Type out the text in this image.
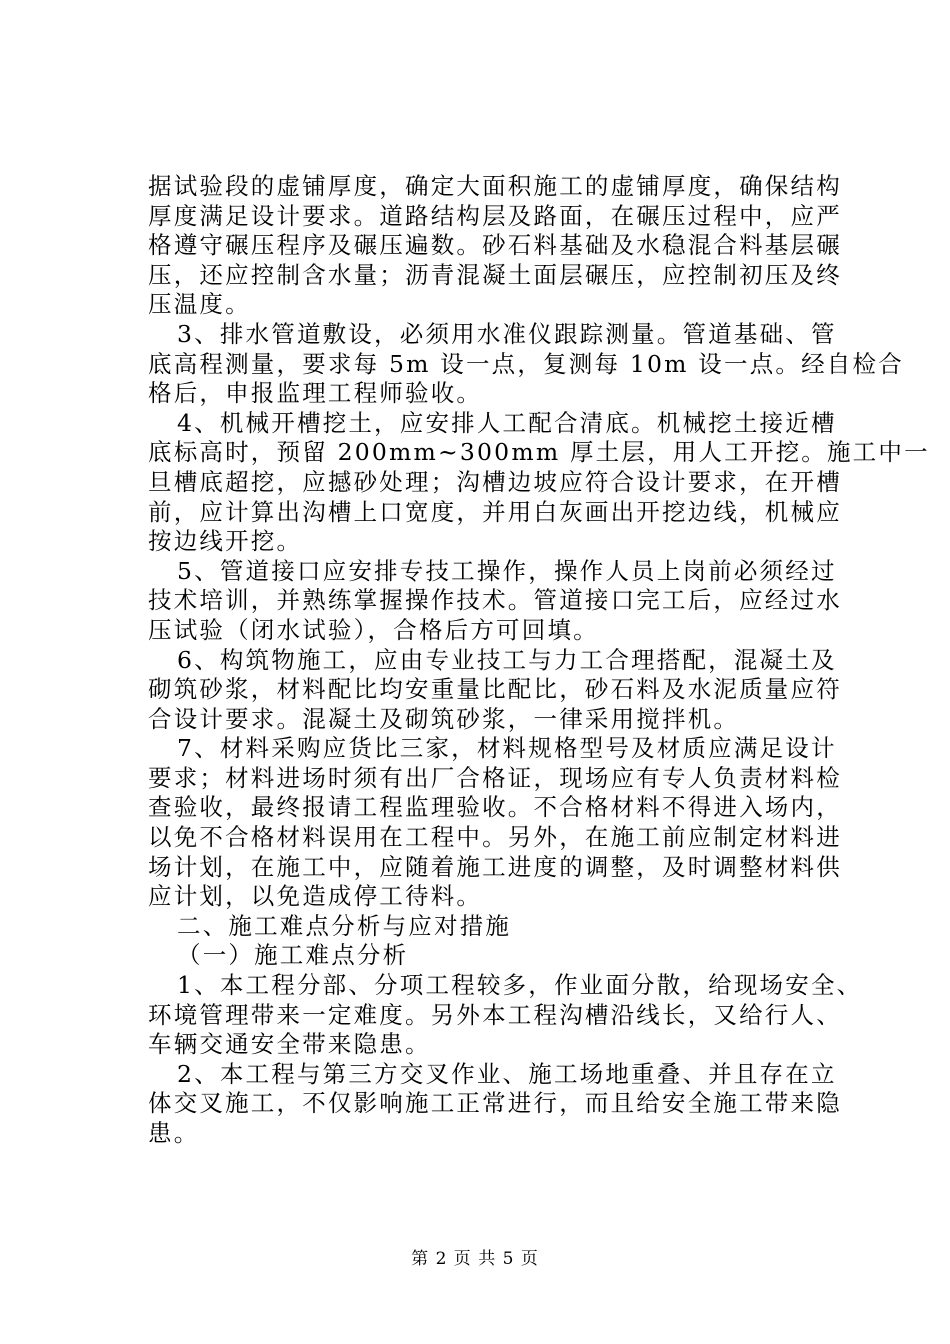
据试验段的虚铺厚度，确定大面积施工的虚铺厚度，确保结构
厚度满足设计要求。道路结构层及路面，在碾压过程中，应严
格遵守碾压程序及碾压遍数。砂石料基础及水稳混合料基层碾
压，还应控制含水量；沥青混凝土面层碾压，应控制初压及终
压温度。
3、排水管道敷设，必须用水准仪跟踪测量。管道基础、管
底高程测量，要求每 5m 设一点，复测每 10m 设一点。经自检合
格后，申报监理工程师验收。
4、机械开槽挖土，应安排人工配合清底。机械挖土接近槽
底标高时，预留 200mm~300mm 厚土层，用人工开挖。施工中一
旦槽底超挖，应撼砂处理；沟槽边坡应符合设计要求，在开槽
前，应计算出沟槽上口宽度，并用白灰画出开挖边线，机械应
按边线开挖。
5、管道接口应安排专技工操作，操作人员上岗前必须经过
技术培训，并熟练掌握操作技术。管道接口完工后，应经过水
压试验（闭水试验），合格后方可回填。
6、构筑物施工，应由专业技工与力工合理搭配，混凝土及
砌筑砂浆，材料配比均安重量比配比，砂石料及水泥质量应符
合设计要求。混凝土及砌筑砂浆，一律采用搅拌机。
7、材料采购应货比三家，材料规格型号及材质应满足设计
要求；材料进场时须有出厂合格证，现场应有专人负责材料检
查验收，最终报请工程监理验收。不合格材料不得进入场内，
以免不合格材料误用在工程中。另外，在施工前应制定材料进
场计划，在施工中，应随着施工进度的调整，及时调整材料供
应计划，以免造成停工待料。
二、施工难点分析与应对措施
（一）施工难点分析
1、本工程分部、分项工程较多，作业面分散，给现场安全、
环境管理带来一定难度。另外本工程沟槽沿线长，又给行人、
车辆交通安全带来隐患。
2、本工程与第三方交叉作业、施工场地重叠、并且存在立
体交叉施工，不仅影响施工正常进行，而且给安全施工带来隐
患。
第 2 页 共 5 页
